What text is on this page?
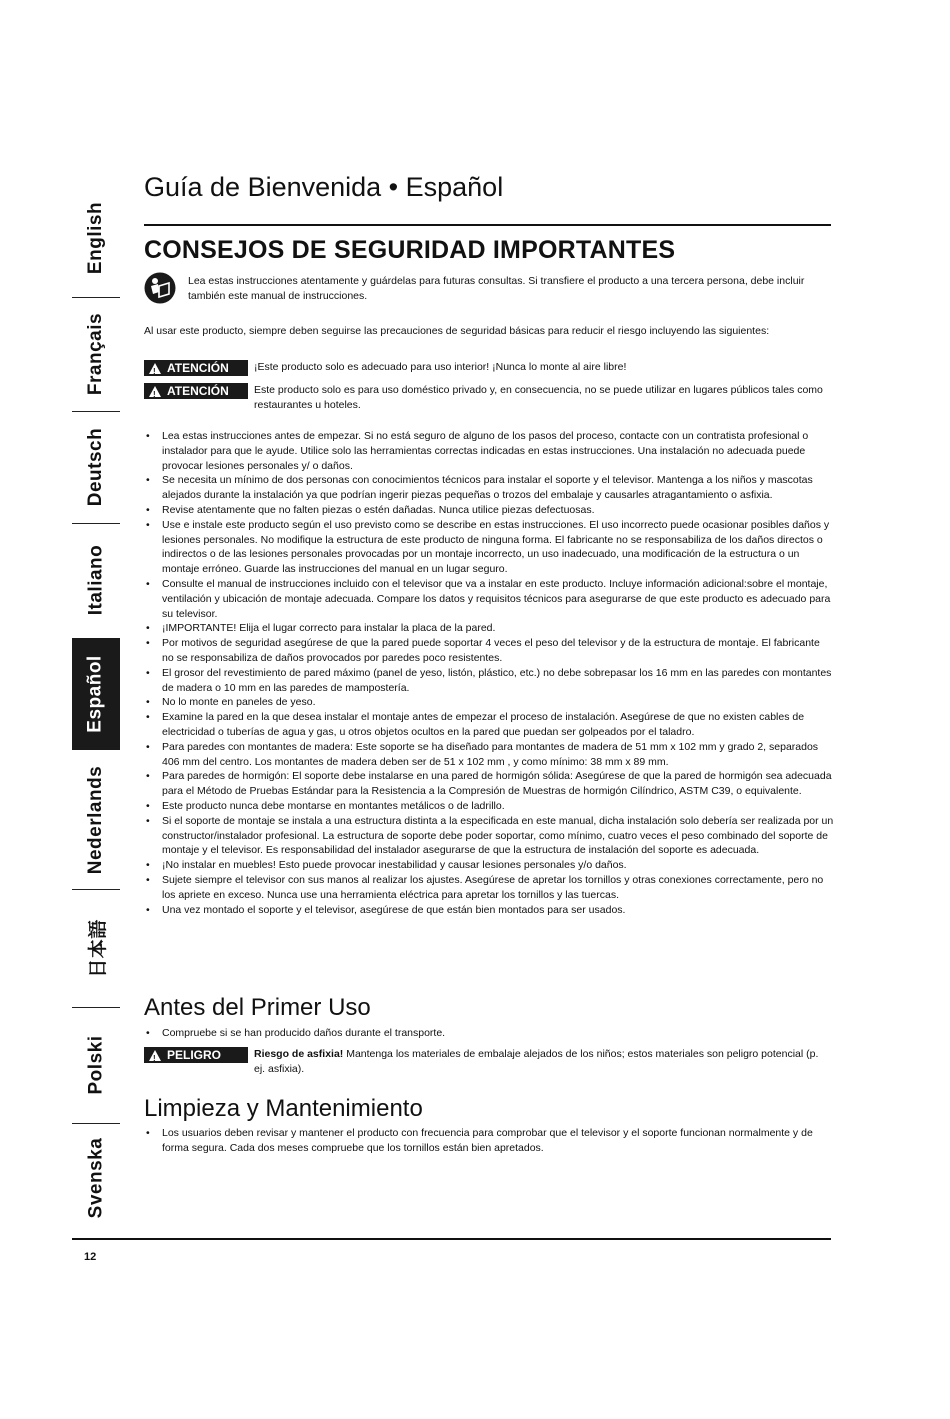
English
Français
Deutsch
Italiano
Español
Nederlands
日本語
Polski
Svenska
Guía de Bienvenida • Español
CONSEJOS DE SEGURIDAD IMPORTANTES
Lea estas instrucciones atentamente y guárdelas para futuras consultas. Si transfiere el producto a una tercera persona, debe incluir también este manual de instrucciones.
Al usar este producto, siempre deben seguirse las precauciones de seguridad básicas para reducir el riesgo incluyendo las siguientes:
!
ATENCIÓN ¡Este producto solo es adecuado para uso interior! ¡Nunca lo monte al aire libre!
!
ATENCIÓN Este producto solo es para uso doméstico privado y, en consecuencia, no se puede utilizar en lugares públicos tales como restaurantes u hoteles.
• Lea estas instrucciones antes de empezar. Si no está seguro de alguno de los pasos del proceso, contacte con un contratista profesional o instalador para que le ayude. Utilice solo las herramientas correctas indicadas en estas instrucciones. Una instalación no adecuada puede provocar lesiones personales y/ o daños.
• Se necesita un mínimo de dos personas con conocimientos técnicos para instalar el soporte y el televisor. Mantenga a los niños y mascotas alejados durante la instalación ya que podrían ingerir piezas pequeñas o trozos del embalaje y causarles atragantamiento o asfixia.
• Revise atentamente que no falten piezas o estén dañadas. Nunca utilice piezas defectuosas.
• Use e instale este producto según el uso previsto como se describe en estas instrucciones. El uso incorrecto puede ocasionar posibles daños y lesiones personales. No modifique la estructura de este producto de ninguna forma. El fabricante no se responsabiliza de los daños directos o indirectos o de las lesiones personales provocadas por un montaje incorrecto, un uso inadecuado, una modificación de la estructura o un montaje erróneo. Guarde las instrucciones del manual en un lugar seguro.
• Consulte el manual de instrucciones incluido con el televisor que va a instalar en este producto. Incluye información adicional:sobre el montaje, ventilación y ubicación de montaje adecuada. Compare los datos y requisitos técnicos para asegurarse de que este producto es adecuado para su televisor.
• ¡IMPORTANTE! Elija el lugar correcto para instalar la placa de la pared.
• Por motivos de seguridad asegúrese de que la pared puede soportar 4 veces el peso del televisor y de la estructura de montaje. El fabricante no se responsabiliza de daños provocados por paredes poco resistentes.
• El grosor del revestimiento de pared máximo (panel de yeso, listón, plástico, etc.) no debe sobrepasar los 16 mm en las paredes con montantes de madera o 10 mm en las paredes de mampostería.
• No lo monte en paneles de yeso.
• Examine la pared en la que desea instalar el montaje antes de empezar el proceso de instalación. Asegúrese de que no existen cables de electricidad o tuberías de agua y gas, u otros objetos ocultos en la pared que puedan ser golpeados por el taladro.
• Para paredes con montantes de madera: Este soporte se ha diseñado para montantes de madera de 51 mm x 102 mm y grado 2, separados 406 mm del centro. Los montantes de madera deben ser de 51 x 102 mm , y como mínimo: 38 mm x 89 mm.
• Para paredes de hormigón: El soporte debe instalarse en una pared de hormigón sólida: Asegúrese de que la pared de hormigón sea adecuada para el Método de Pruebas Estándar para la Resistencia a la Compresión de Muestras de hormigón Cilíndrico, ASTM C39, o equivalente.
• Este producto nunca debe montarse en montantes metálicos o de ladrillo.
• Si el soporte de montaje se instala a una estructura distinta a la especificada en este manual, dicha instalación solo debería ser realizada por un constructor/instalador profesional. La estructura de soporte debe poder soportar, como mínimo, cuatro veces el peso combinado del soporte de montaje y el televisor. Es responsabilidad del instalador asegurarse de que la estructura de instalación del soporte es adecuada.
• ¡No instalar en muebles! Esto puede provocar inestabilidad y causar lesiones personales y/o daños.
• Sujete siempre el televisor con sus manos al realizar los ajustes. Asegúrese de apretar los tornillos y otras conexiones correctamente, pero no los apriete en exceso. Nunca use una herramienta eléctrica para apretar los tornillos y las tuercas.
• Una vez montado el soporte y el televisor, asegúrese de que están bien montados para ser usados.
Antes del Primer Uso
• Compruebe si se han producido daños durante el transporte.
!
PELIGRO	Riesgo de asfixia! Mantenga los materiales de embalaje alejados de los niños; estos materiales son peligro potencial (p. ej. asfixia).
Limpieza y Mantenimiento
• Los usuarios deben revisar y mantener el producto con frecuencia para comprobar que el televisor y el soporte funcionan normalmente y de forma segura. Cada dos meses compruebe que los tornillos están bien apretados.
12
